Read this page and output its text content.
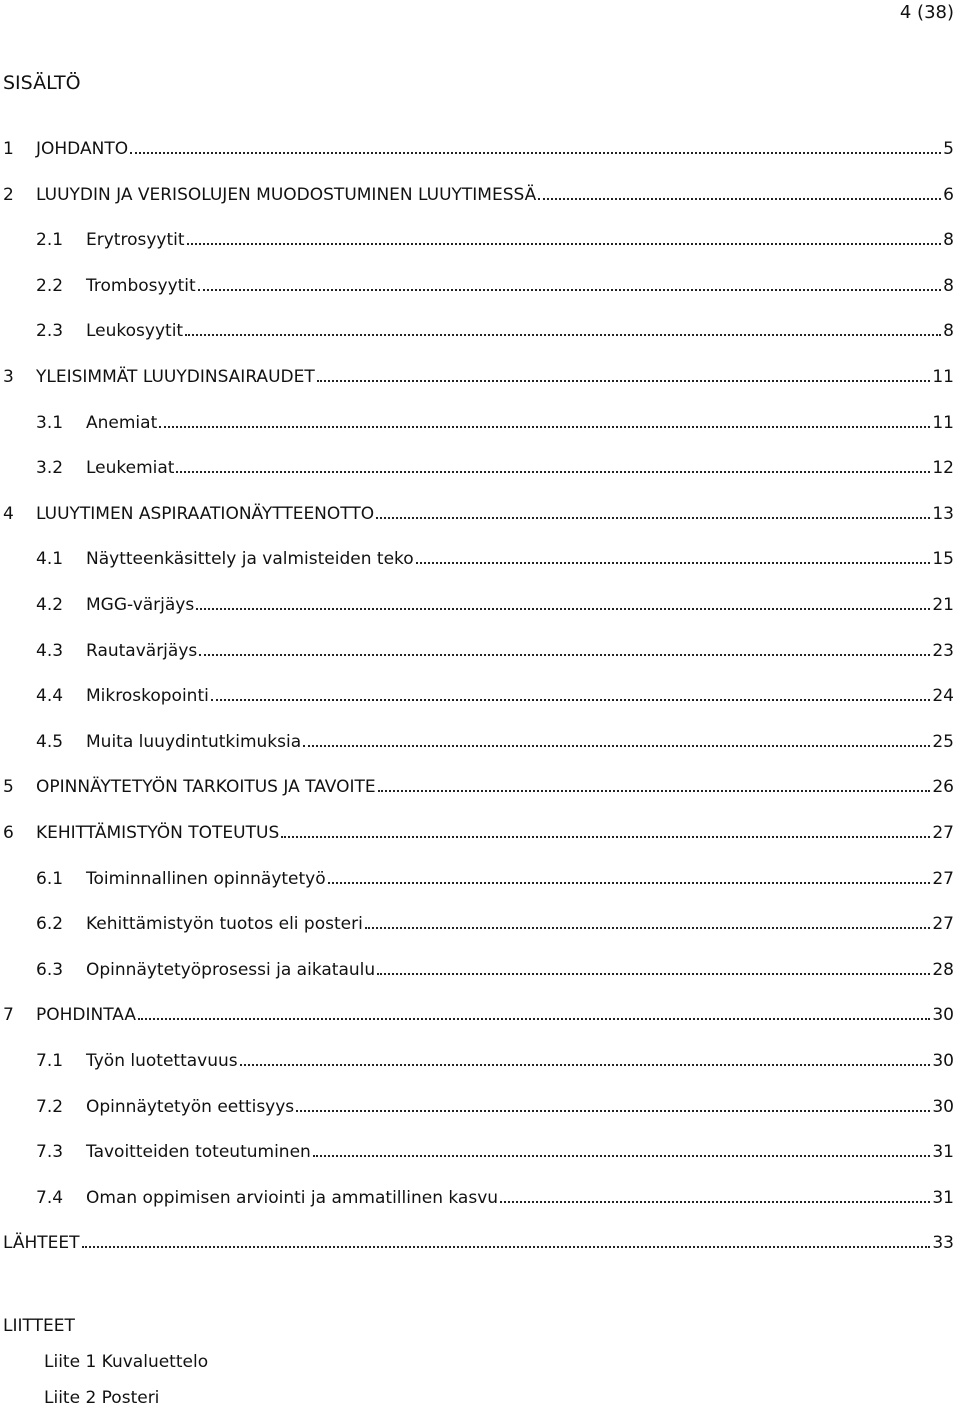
4 (38)
SISÄLTÖ
1	JOHDANTO	5
2	LUUYDIN JA VERISOLUJEN MUODOSTUMINEN LUUYTIMESSÄ	6
2.1	Erytrosyytit	8
2.2	Trombosyytit	8
2.3	Leukosyytit	8
3	YLEISIMMÄT LUUYDINSAIRAUDET	11
3.1	Anemiat	11
3.2	Leukemiat	12
4	LUUYTIMEN ASPIRAATIONÄYTTEENOTTO	13
4.1	Näytteenkäsittely ja valmisteiden teko	15
4.2	MGG-värjäys	21
4.3	Rautavärjäys	23
4.4	Mikroskopointi	24
4.5	Muita luuydintutkimuksia	25
5	OPINNÄYTETYÖN TARKOITUS JA TAVOITE	26
6	KEHITTÄMISTYÖN TOTEUTUS	27
6.1	Toiminnallinen opinnäytetyö	27
6.2	Kehittämistyön tuotos eli posteri	27
6.3	Opinnäytetyöprosessi ja aikataulu	28
7	POHDINTAA	30
7.1	Työn luotettavuus	30
7.2	Opinnäytetyön eettisyys	30
7.3	Tavoitteiden toteutuminen	31
7.4	Oman oppimisen arviointi ja ammatillinen kasvu	31
LÄHTEET	33
LIITTEET
Liite 1 Kuvaluettelo
Liite 2 Posteri
